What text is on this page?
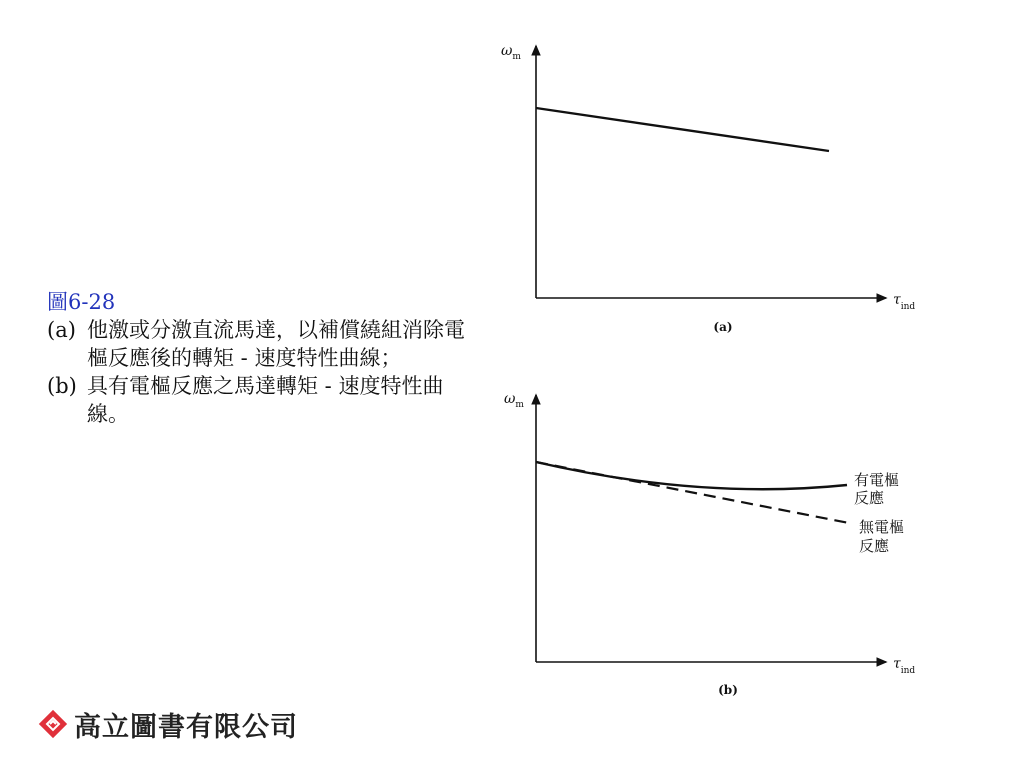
圖6-28
(a) 他激或分激直流馬達，以補償繞組消除電樞反應後的轉矩 - 速度特性曲線；
(b) 具有電樞反應之馬達轉矩 - 速度特性曲線。
$\omega_m$
$\tau_{ind}$
(a)
$\omega_m$
$\tau_{ind}$
有電樞
反應
無電樞
反應
(b)
高立圖書有限公司
